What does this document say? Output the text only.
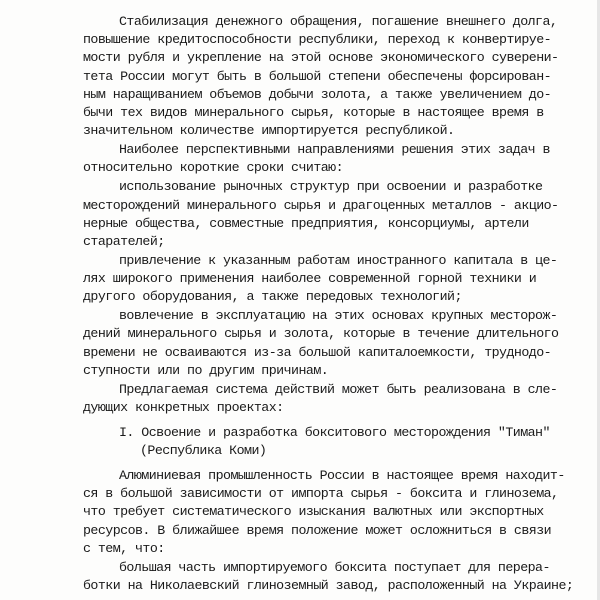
Стабилизация денежного обращения, погашение внешнего долга,
повышение кредитоспособности республики, переход к конвертируе-
мости рубля и укрепление на этой основе экономического суверени-
тета России могут быть в большой степени обеспечены форсирован-
ным наращиванием объемов добычи золота, а также увеличением до-
бычи тех видов минерального сырья, которые в настоящее время в
значительном количестве импортируется республикой.
Наиболее перспективными направлениями решения этих задач в
относительно короткие сроки считаю:
использование рыночных структур при освоении и разработке
месторождений минерального сырья и драгоценных металлов - акцио-
нерные общества, совместные предприятия, консорциумы, артели
старателей;
привлечение к указанным работам иностранного капитала в це-
лях широкого применения наиболее современной горной техники и
другого оборудования, а также передовых технологий;
вовлечение в эксплуатацию на этих основах крупных месторож-
дений минерального сырья и золота, которые в течение длительного
времени не осваиваются из-за большой капиталоемкости, труднодо-
ступности или по другим причинам.
Предлагаемая система действий может быть реализована в сле-
дующих конкретных проектах:
I. Освоение и разработка бокситового месторождения "Тиман"
(Республика Коми)
Алюминиевая промышленность России в настоящее время находит-
ся в большой зависимости от импорта сырья - боксита и глинозема,
что требует систематического изыскания валютных или экспортных
ресурсов. В ближайшее время положение может осложниться в связи
с тем, что:
большая часть импортируемого боксита поступает для перера-
ботки на Николаевский глиноземный завод, расположенный на Украине;
